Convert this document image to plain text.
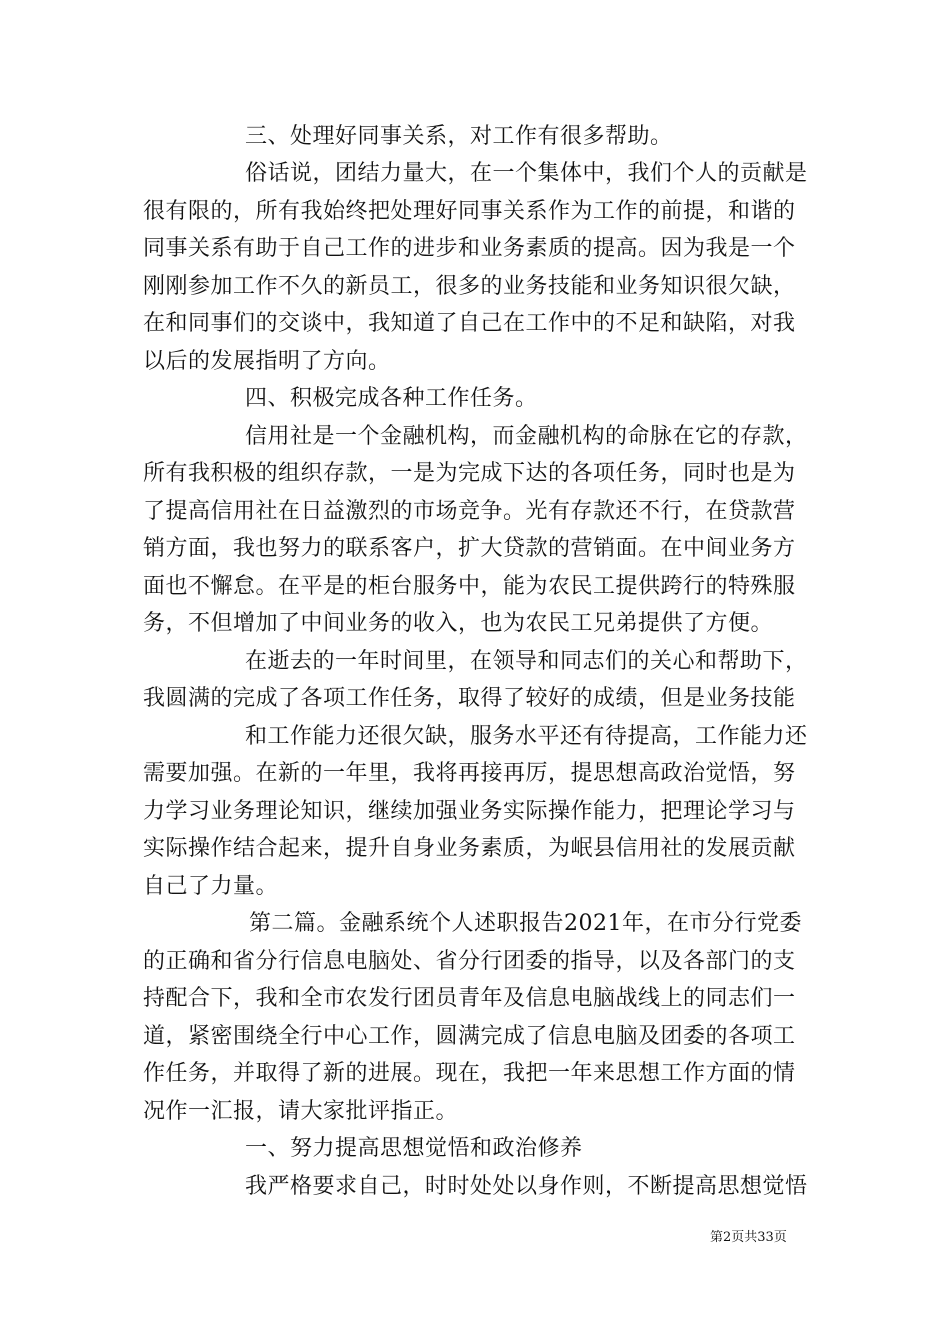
三、处理好同事关系，对工作有很多帮助。
俗话说，团结力量大，在一个集体中，我们个人的贡献是
很有限的，所有我始终把处理好同事关系作为工作的前提，和谐的
同事关系有助于自己工作的进步和业务素质的提高。因为我是一个
刚刚参加工作不久的新员工，很多的业务技能和业务知识很欠缺，
在和同事们的交谈中，我知道了自己在工作中的不足和缺陷，对我
以后的发展指明了方向。
四、积极完成各种工作任务。
信用社是一个金融机构，而金融机构的命脉在它的存款，
所有我积极的组织存款，一是为完成下达的各项任务，同时也是为
了提高信用社在日益激烈的市场竞争。光有存款还不行，在贷款营
销方面，我也努力的联系客户，扩大贷款的营销面。在中间业务方
面也不懈怠。在平是的柜台服务中，能为农民工提供跨行的特殊服
务，不但增加了中间业务的收入，也为农民工兄弟提供了方便。
在逝去的一年时间里，在领导和同志们的关心和帮助下，
我圆满的完成了各项工作任务，取得了较好的成绩，但是业务技能
和工作能力还很欠缺，服务水平还有待提高，工作能力还
需要加强。在新的一年里，我将再接再厉，提思想高政治觉悟，努
力学习业务理论知识，继续加强业务实际操作能力，把理论学习与
实际操作结合起来，提升自身业务素质，为岷县信用社的发展贡献
自己了力量。
第二篇。金融系统个人述职报告2021年，在市分行党委
的正确和省分行信息电脑处、省分行团委的指导，以及各部门的支
持配合下，我和全市农发行团员青年及信息电脑战线上的同志们一
道，紧密围绕全行中心工作，圆满完成了信息电脑及团委的各项工
作任务，并取得了新的进展。现在，我把一年来思想工作方面的情
况作一汇报，请大家批评指正。
一、努力提高思想觉悟和政治修养
我严格要求自己，时时处处以身作则，不断提高思想觉悟
第2页共33页
